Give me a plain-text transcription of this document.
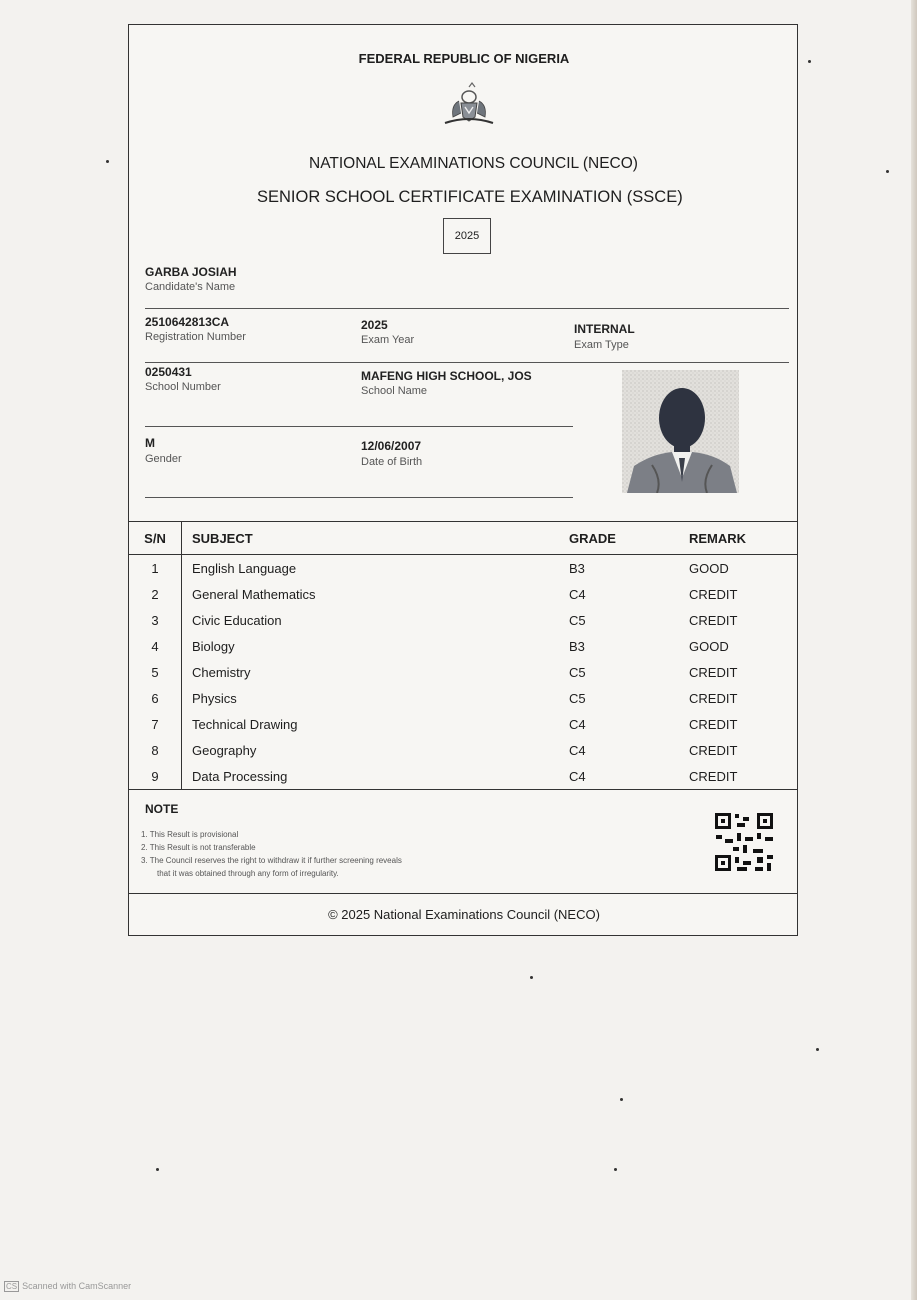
FEDERAL REPUBLIC OF NIGERIA
NATIONAL EXAMINATIONS COUNCIL (NECO)
SENIOR SCHOOL CERTIFICATE EXAMINATION (SSCE)
2025
GARBA JOSIAH
Candidate's Name
2510642813CA
Registration Number
2025
Exam Year
INTERNAL
Exam Type
0250431
School Number
MAFENG HIGH SCHOOL, JOS
School Name
M
Gender
12/06/2007
Date of Birth
S/N	SUBJECT	GRADE	REMARK
1	English Language	B3	GOOD
2	General Mathematics	C4	CREDIT
3	Civic Education	C5	CREDIT
4	Biology	B3	GOOD
5	Chemistry	C5	CREDIT
6	Physics	C5	CREDIT
7	Technical Drawing	C4	CREDIT
8	Geography	C4	CREDIT
9	Data Processing	C4	CREDIT
NOTE
1. This Result is provisional
2. This Result is not transferable
3. The Council reserves the right to withdraw it if further screening reveals
that it was obtained through any form of irregularity.
© 2025 National Examinations Council (NECO)
CS Scanned with CamScanner
